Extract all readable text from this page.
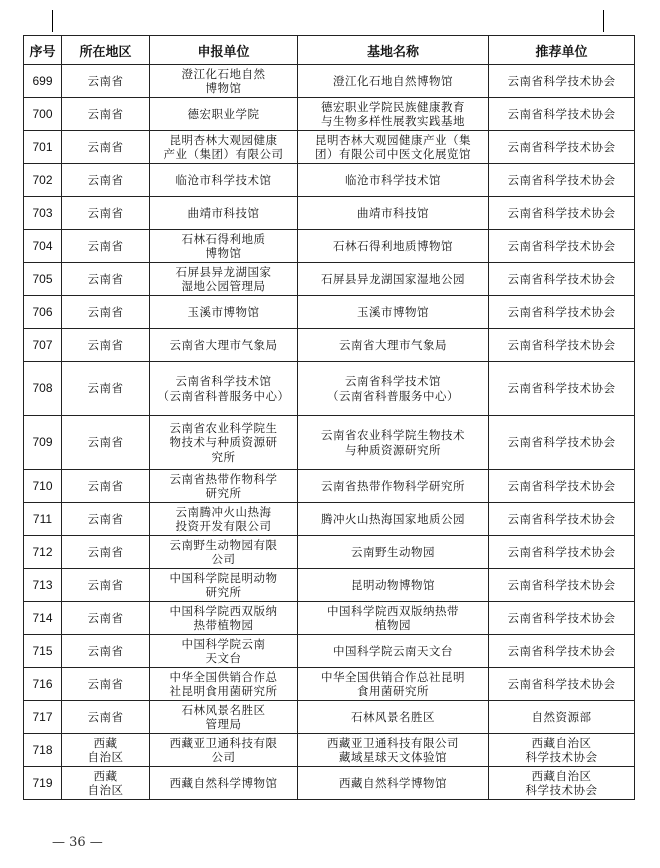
序号	所在地区	申报单位	基地名称	推荐单位
699	云南省	澄江化石地自然
博物馆	澄江化石地自然博物馆	云南省科学技术协会
700	云南省	德宏职业学院	德宏职业学院民族健康教育
与生物多样性展教实践基地	云南省科学技术协会
701	云南省	昆明杏林大观园健康
产业（集团）有限公司	昆明杏林大观园健康产业（集
团）有限公司中医文化展览馆	云南省科学技术协会
702	云南省	临沧市科学技术馆	临沧市科学技术馆	云南省科学技术协会
703	云南省	曲靖市科技馆	曲靖市科技馆	云南省科学技术协会
704	云南省	石林石得利地质
博物馆	石林石得利地质博物馆	云南省科学技术协会
705	云南省	石屏县异龙湖国家
湿地公园管理局	石屏县异龙湖国家湿地公园	云南省科学技术协会
706	云南省	玉溪市博物馆	玉溪市博物馆	云南省科学技术协会
707	云南省	云南省大理市气象局	云南省大理市气象局	云南省科学技术协会
708	云南省	云南省科学技术馆
（云南省科普服务中心）	云南省科学技术馆
（云南省科普服务中心）	云南省科学技术协会
709	云南省	云南省农业科学院生
物技术与种质资源研
究所	云南省农业科学院生物技术
与种质资源研究所	云南省科学技术协会
710	云南省	云南省热带作物科学
研究所	云南省热带作物科学研究所	云南省科学技术协会
711	云南省	云南腾冲火山热海
投资开发有限公司	腾冲火山热海国家地质公园	云南省科学技术协会
712	云南省	云南野生动物园有限
公司	云南野生动物园	云南省科学技术协会
713	云南省	中国科学院昆明动物
研究所	昆明动物博物馆	云南省科学技术协会
714	云南省	中国科学院西双版纳
热带植物园	中国科学院西双版纳热带
植物园	云南省科学技术协会
715	云南省	中国科学院云南
天文台	中国科学院云南天文台	云南省科学技术协会
716	云南省	中华全国供销合作总
社昆明食用菌研究所	中华全国供销合作总社昆明
食用菌研究所	云南省科学技术协会
717	云南省	石林风景名胜区
管理局	石林风景名胜区	自然资源部
718	西藏
自治区	西藏亚卫通科技有限
公司	西藏亚卫通科技有限公司
藏域星球天文体验馆	西藏自治区
科学技术协会
719	西藏
自治区	西藏自然科学博物馆	西藏自然科学博物馆	西藏自治区
科学技术协会
— 36 —
